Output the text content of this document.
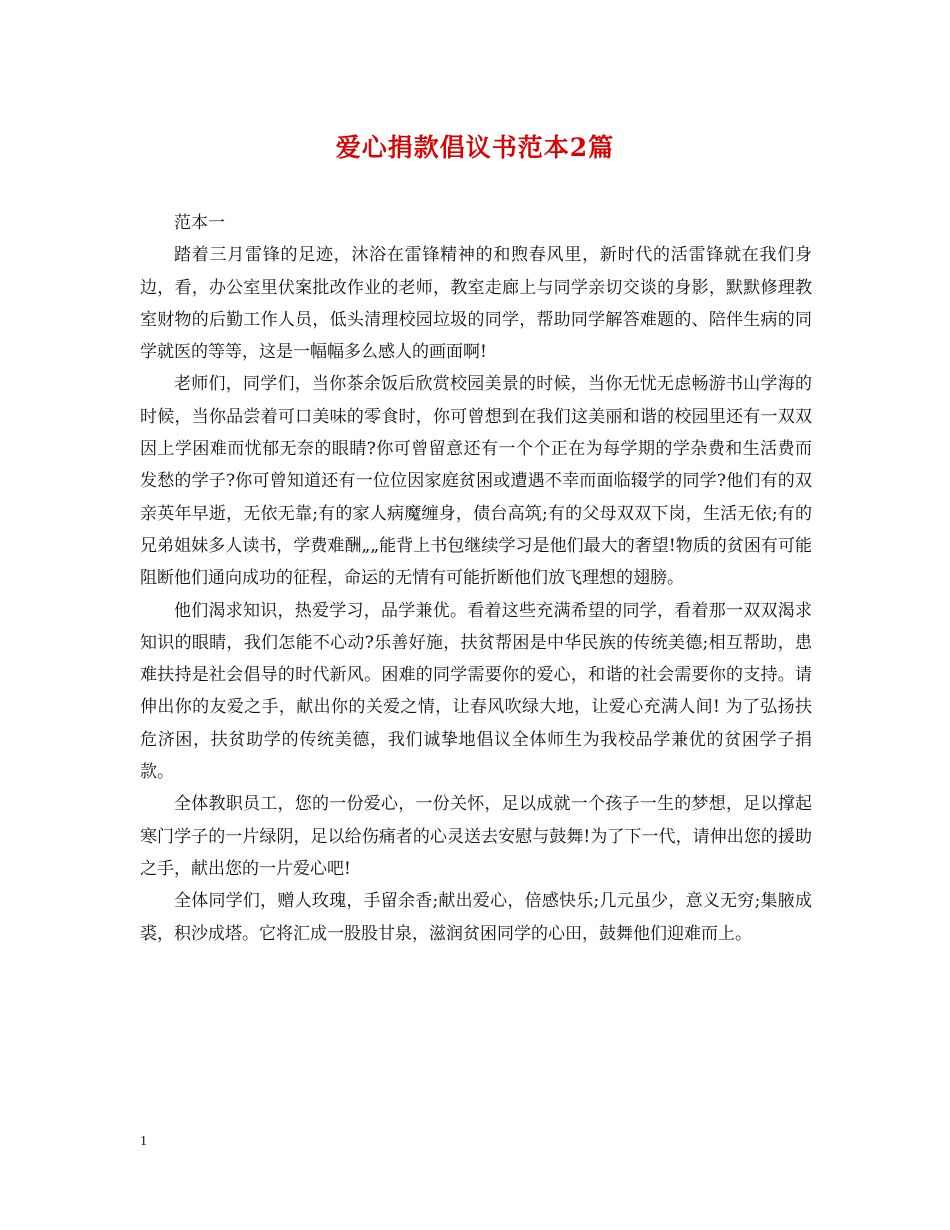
爱心捐款倡议书范本2篇

范本一

踏着三月雷锋的足迹，沐浴在雷锋精神的和煦春风里，新时代的活雷锋就在我们身边，看，办公室里伏案批改作业的老师，教室走廊上与同学亲切交谈的身影，默默修理教室财物的后勤工作人员，低头清理校园垃圾的同学，帮助同学解答难题的、陪伴生病的同学就医的等等，这是一幅幅多么感人的画面啊!

老师们，同学们，当你茶余饭后欣赏校园美景的时候，当你无忧无虑畅游书山学海的时候，当你品尝着可口美味的零食时，你可曾想到在我们这美丽和谐的校园里还有一双双因上学困难而忧郁无奈的眼睛?你可曾留意还有一个个正在为每学期的学杂费和生活费而发愁的学子?你可曾知道还有一位位因家庭贫困或遭遇不幸而面临辍学的同学?他们有的双亲英年早逝，无依无靠;有的家人病魔缠身，债台高筑;有的父母双双下岗，生活无依;有的兄弟姐妹多人读书，学费难酬„„能背上书包继续学习是他们最大的奢望!物质的贫困有可能阻断他们通向成功的征程，命运的无情有可能折断他们放飞理想的翅膀。

他们渴求知识，热爱学习，品学兼优。看着这些充满希望的同学，看着那一双双渴求知识的眼睛，我们怎能不心动?乐善好施，扶贫帮困是中华民族的传统美德;相互帮助，患难扶持是社会倡导的时代新风。困难的同学需要你的爱心，和谐的社会需要你的支持。请伸出你的友爱之手，献出你的关爱之情，让春风吹绿大地，让爱心充满人间! 为了弘扬扶危济困，扶贫助学的传统美德，我们诚挚地倡议全体师生为我校品学兼优的贫困学子捐款。

全体教职员工，您的一份爱心，一份关怀，足以成就一个孩子一生的梦想，足以撑起寒门学子的一片绿阴，足以给伤痛者的心灵送去安慰与鼓舞!为了下一代，请伸出您的援助之手，献出您的一片爱心吧!

全体同学们，赠人玫瑰，手留余香;献出爱心，倍感快乐;几元虽少，意义无穷;集腋成裘，积沙成塔。它将汇成一股股甘泉，滋润贫困同学的心田，鼓舞他们迎难而上。

1
